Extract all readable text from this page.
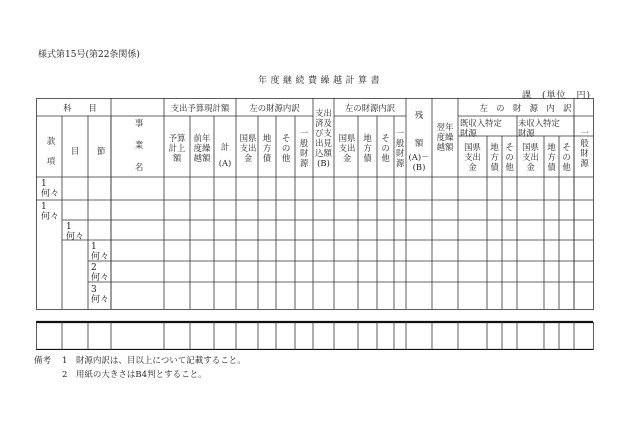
様式第15号(第22条関係)
年度継続費繰越計算書
課　(単位　円)
科　　目
款
項
目	節
事
業
名
支出予算現計額
予算
計上
額
前年
度繰
越額
計
(A)
左の財源内訳
国県
支出
金
地
方
債
そ
の
他
一
般
財
源
支出
済及
び支
出見
込額
(B)
左の財源内訳
国県
支出
金
地
方
債
そ
の
他
一
般
財
源
残
額
(A)－
(B)
翌年
度繰
越額
左　の　財　源　内　訳
既収入特定
財源
未収入特定
財源
国県
支出
金
地
方
債
そ
の
他
国県
支出
金
地
方
債
そ
の
他
一
般
財
源
1
何々
1
何々
1
何々
1
何々
2
何々
3
何々
備考 1　財源内訳は、目以上について記載すること。
2　用紙の大きさはB4判とすること。
